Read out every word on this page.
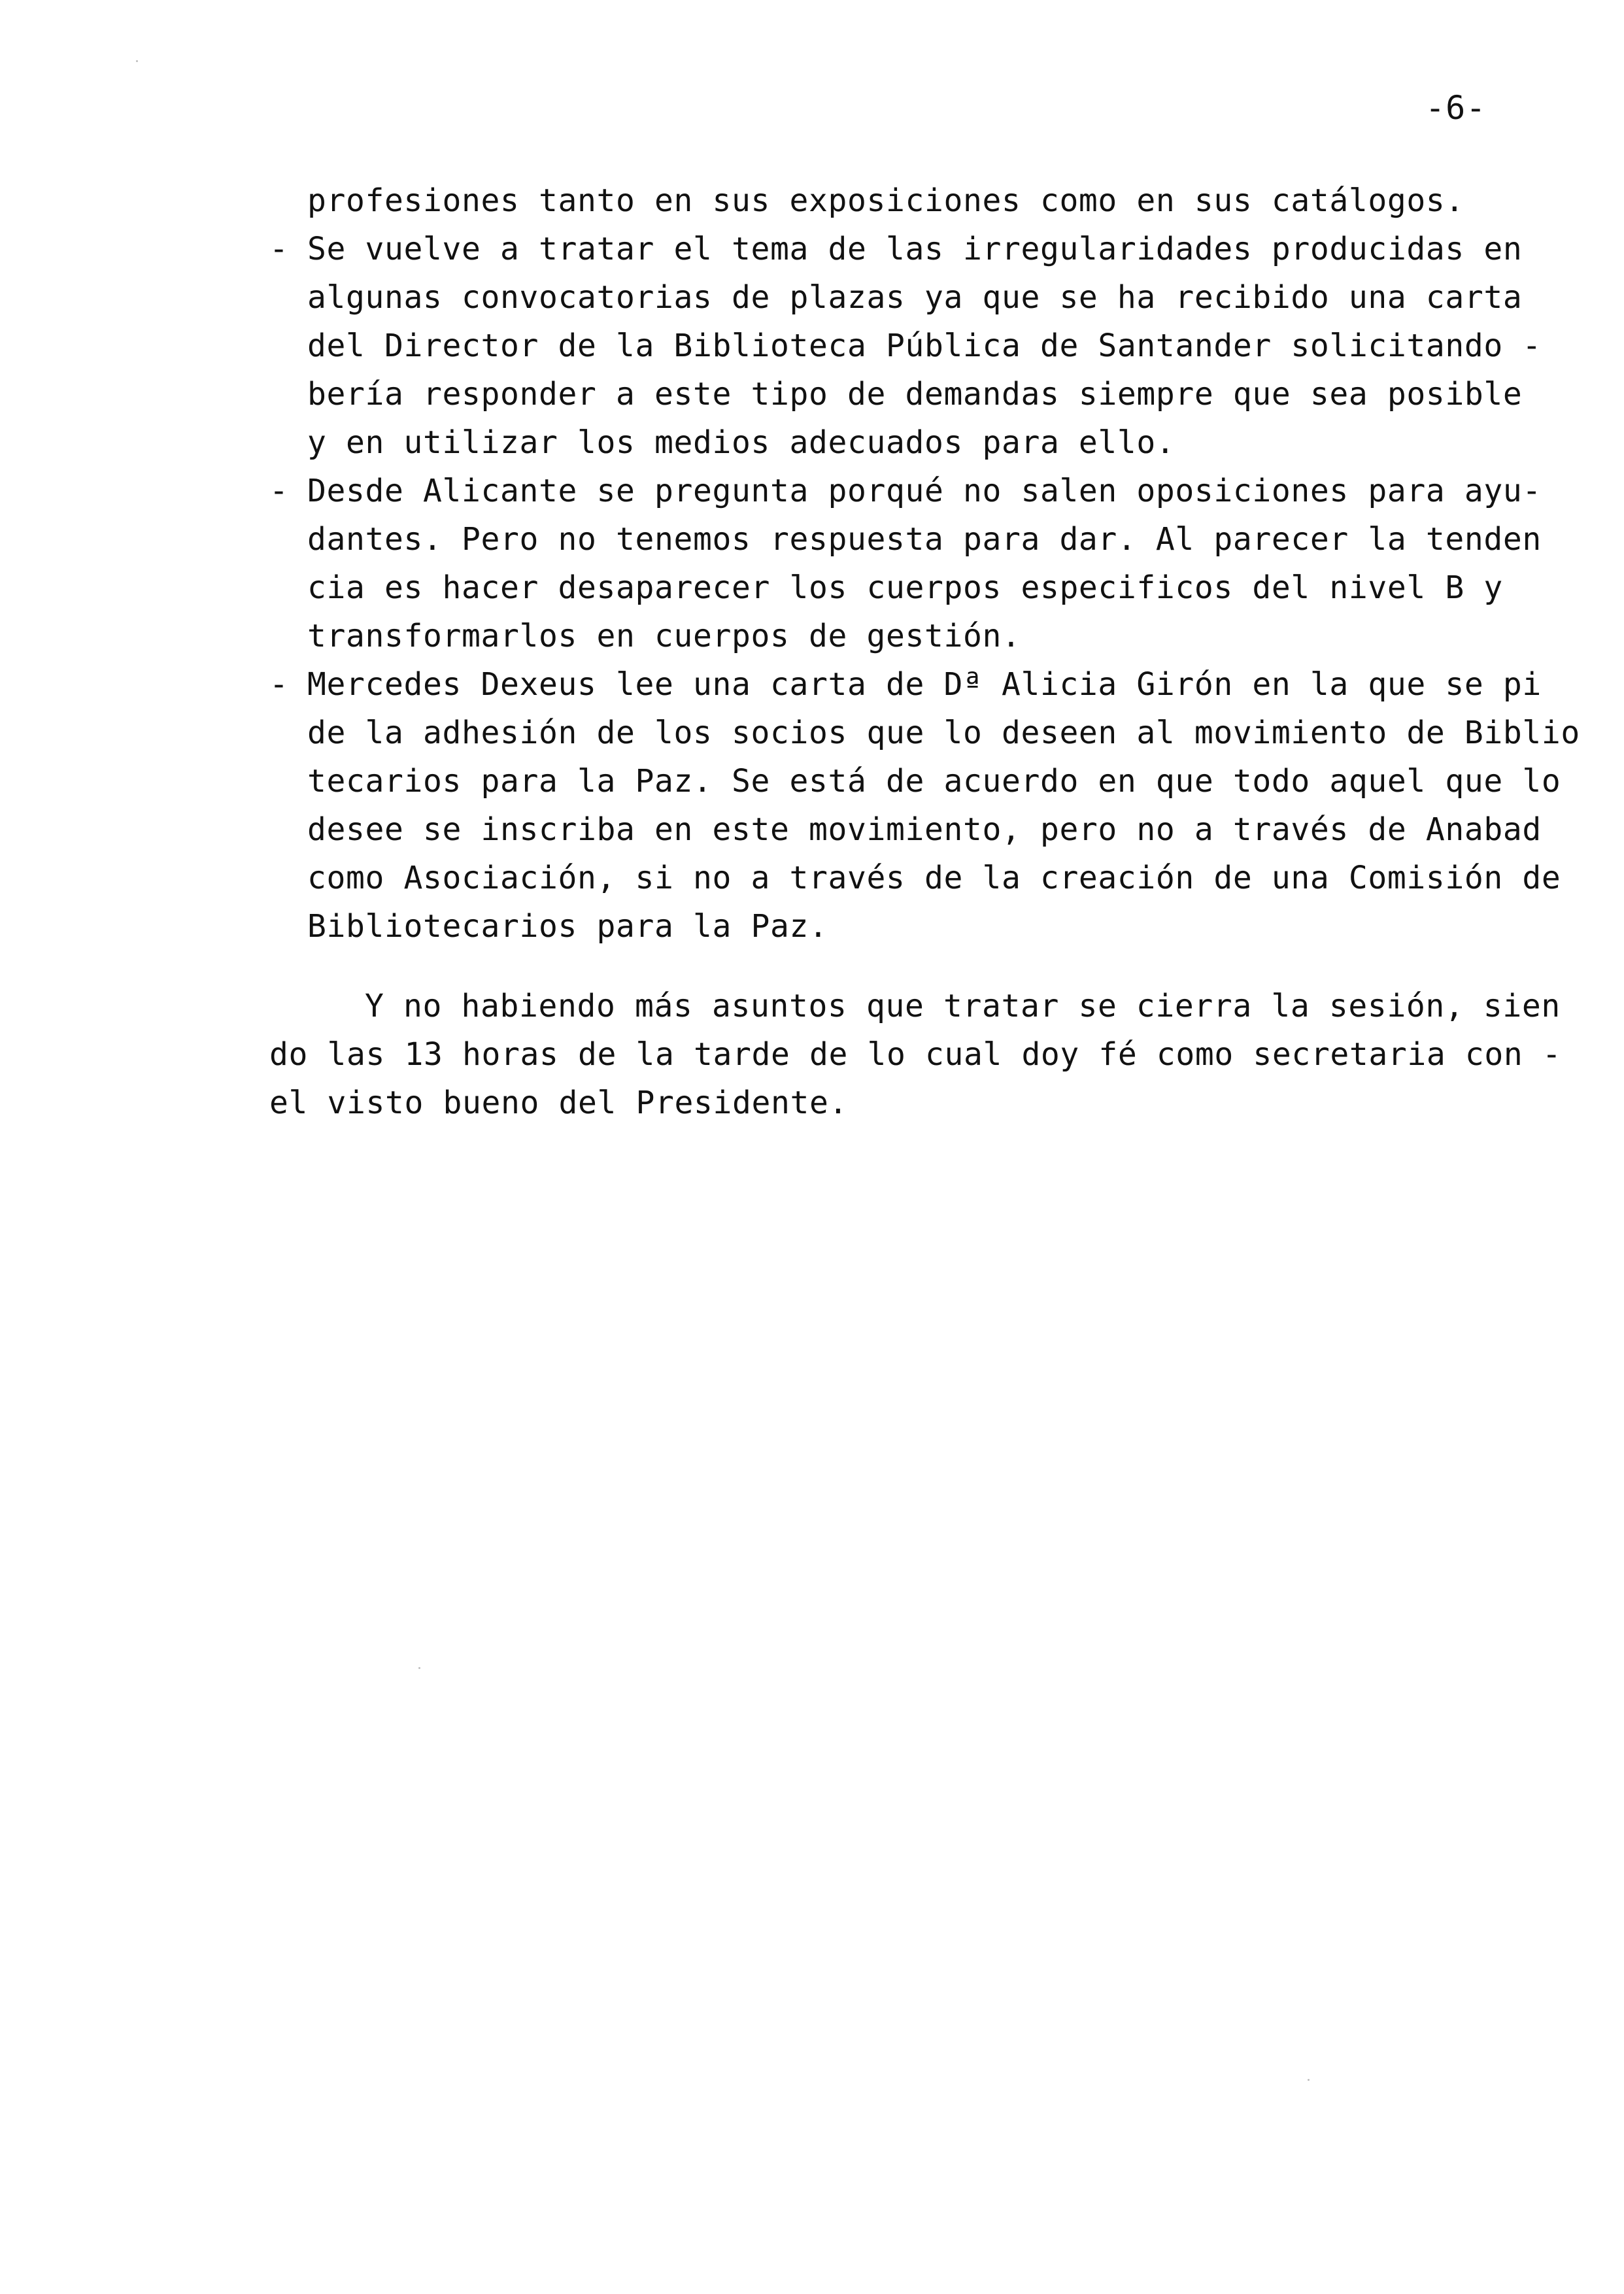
-6-
profesiones tanto en sus exposiciones como en sus catálogos.
- Se vuelve a tratar el tema de las irregularidades producidas en
algunas convocatorias de plazas ya que se ha recibido una carta
del Director de la Biblioteca Pública de Santander solicitando -
bería responder a este tipo de demandas siempre que sea posible
y en utilizar los medios adecuados para ello.
- Desde Alicante se pregunta porqué no salen oposiciones para ayu-
dantes. Pero no tenemos respuesta para dar. Al parecer la tenden
cia es hacer desaparecer los cuerpos especificos del nivel B y
transformarlos en cuerpos de gestión.
- Mercedes Dexeus lee una carta de Dª Alicia Girón en la que se pi
de la adhesión de los socios que lo deseen al movimiento de Biblio
tecarios para la Paz. Se está de acuerdo en que todo aquel que lo
desee se inscriba en este movimiento, pero no a través de Anabad
como Asociación, si no a través de la creación de una Comisión de
Bibliotecarios para la Paz.
Y no habiendo más asuntos que tratar se cierra la sesión, sien
do las 13 horas de la tarde de lo cual doy fé como secretaria con -
el visto bueno del Presidente.
